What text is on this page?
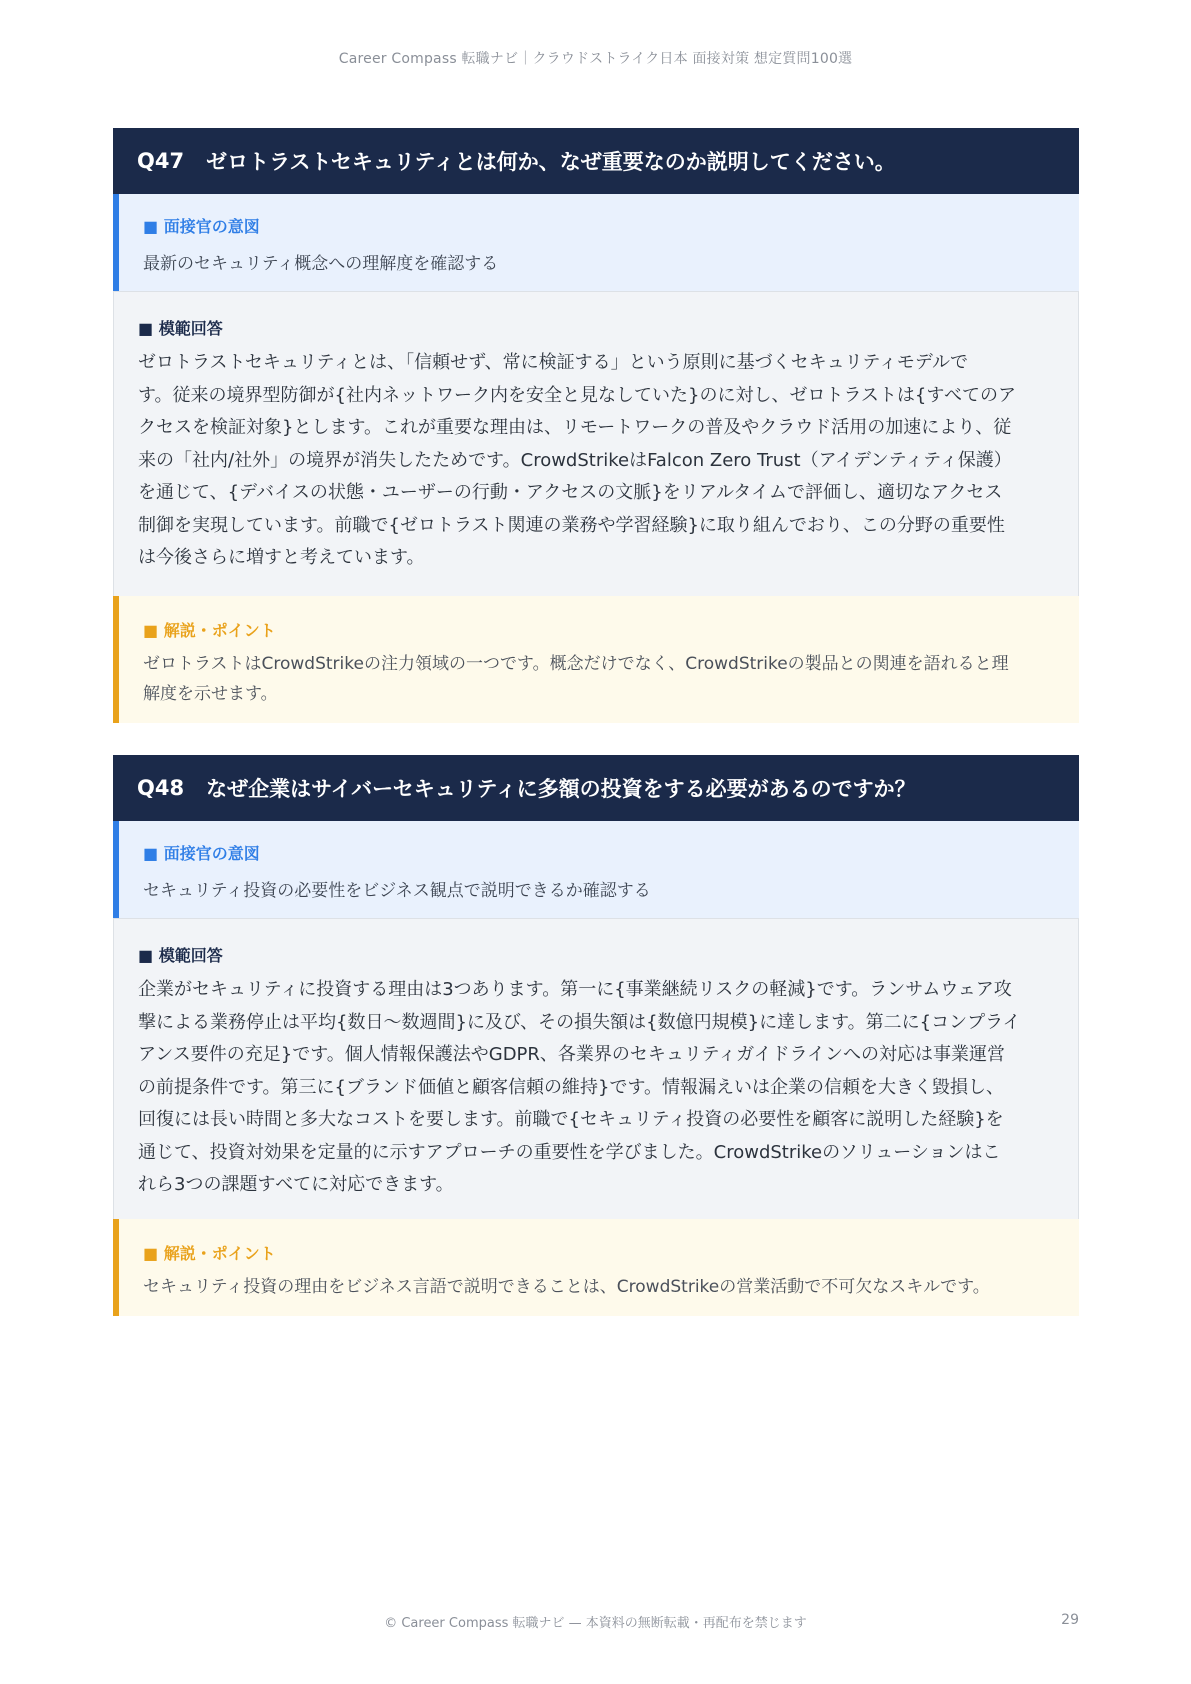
Career Compass 転職ナビ｜クラウドストライク日本 面接対策 想定質問100選
Q47 ゼロトラストセキュリティとは何か、なぜ重要なのか説明してください。
■ 面接官の意図
最新のセキュリティ概念への理解度を確認する
■ 模範回答
ゼロトラストセキュリティとは、「信頼せず、常に検証する」という原則に基づくセキュリティモデルで
す。従来の境界型防御が{社内ネットワーク内を安全と見なしていた}のに対し、ゼロトラストは{すべてのア
クセスを検証対象}とします。これが重要な理由は、リモートワークの普及やクラウド活用の加速により、従
来の「社内/社外」の境界が消失したためです。CrowdStrikeはFalcon Zero Trust（アイデンティティ保護）
を通じて、{デバイスの状態・ユーザーの行動・アクセスの文脈}をリアルタイムで評価し、適切なアクセス
制御を実現しています。前職で{ゼロトラスト関連の業務や学習経験}に取り組んでおり、この分野の重要性
は今後さらに増すと考えています。
■ 解説・ポイント
ゼロトラストはCrowdStrikeの注力領域の一つです。概念だけでなく、CrowdStrikeの製品との関連を語れると理
解度を示せます。
Q48 なぜ企業はサイバーセキュリティに多額の投資をする必要があるのですか？
■ 面接官の意図
セキュリティ投資の必要性をビジネス観点で説明できるか確認する
■ 模範回答
企業がセキュリティに投資する理由は3つあります。第一に{事業継続リスクの軽減}です。ランサムウェア攻
撃による業務停止は平均{数日〜数週間}に及び、その損失額は{数億円規模}に達します。第二に{コンプライ
アンス要件の充足}です。個人情報保護法やGDPR、各業界のセキュリティガイドラインへの対応は事業運営
の前提条件です。第三に{ブランド価値と顧客信頼の維持}です。情報漏えいは企業の信頼を大きく毀損し、
回復には長い時間と多大なコストを要します。前職で{セキュリティ投資の必要性を顧客に説明した経験}を
通じて、投資対効果を定量的に示すアプローチの重要性を学びました。CrowdStrikeのソリューションはこ
れら3つの課題すべてに対応できます。
■ 解説・ポイント
セキュリティ投資の理由をビジネス言語で説明できることは、CrowdStrikeの営業活動で不可欠なスキルです。
© Career Compass 転職ナビ — 本資料の無断転載・再配布を禁じます	29
